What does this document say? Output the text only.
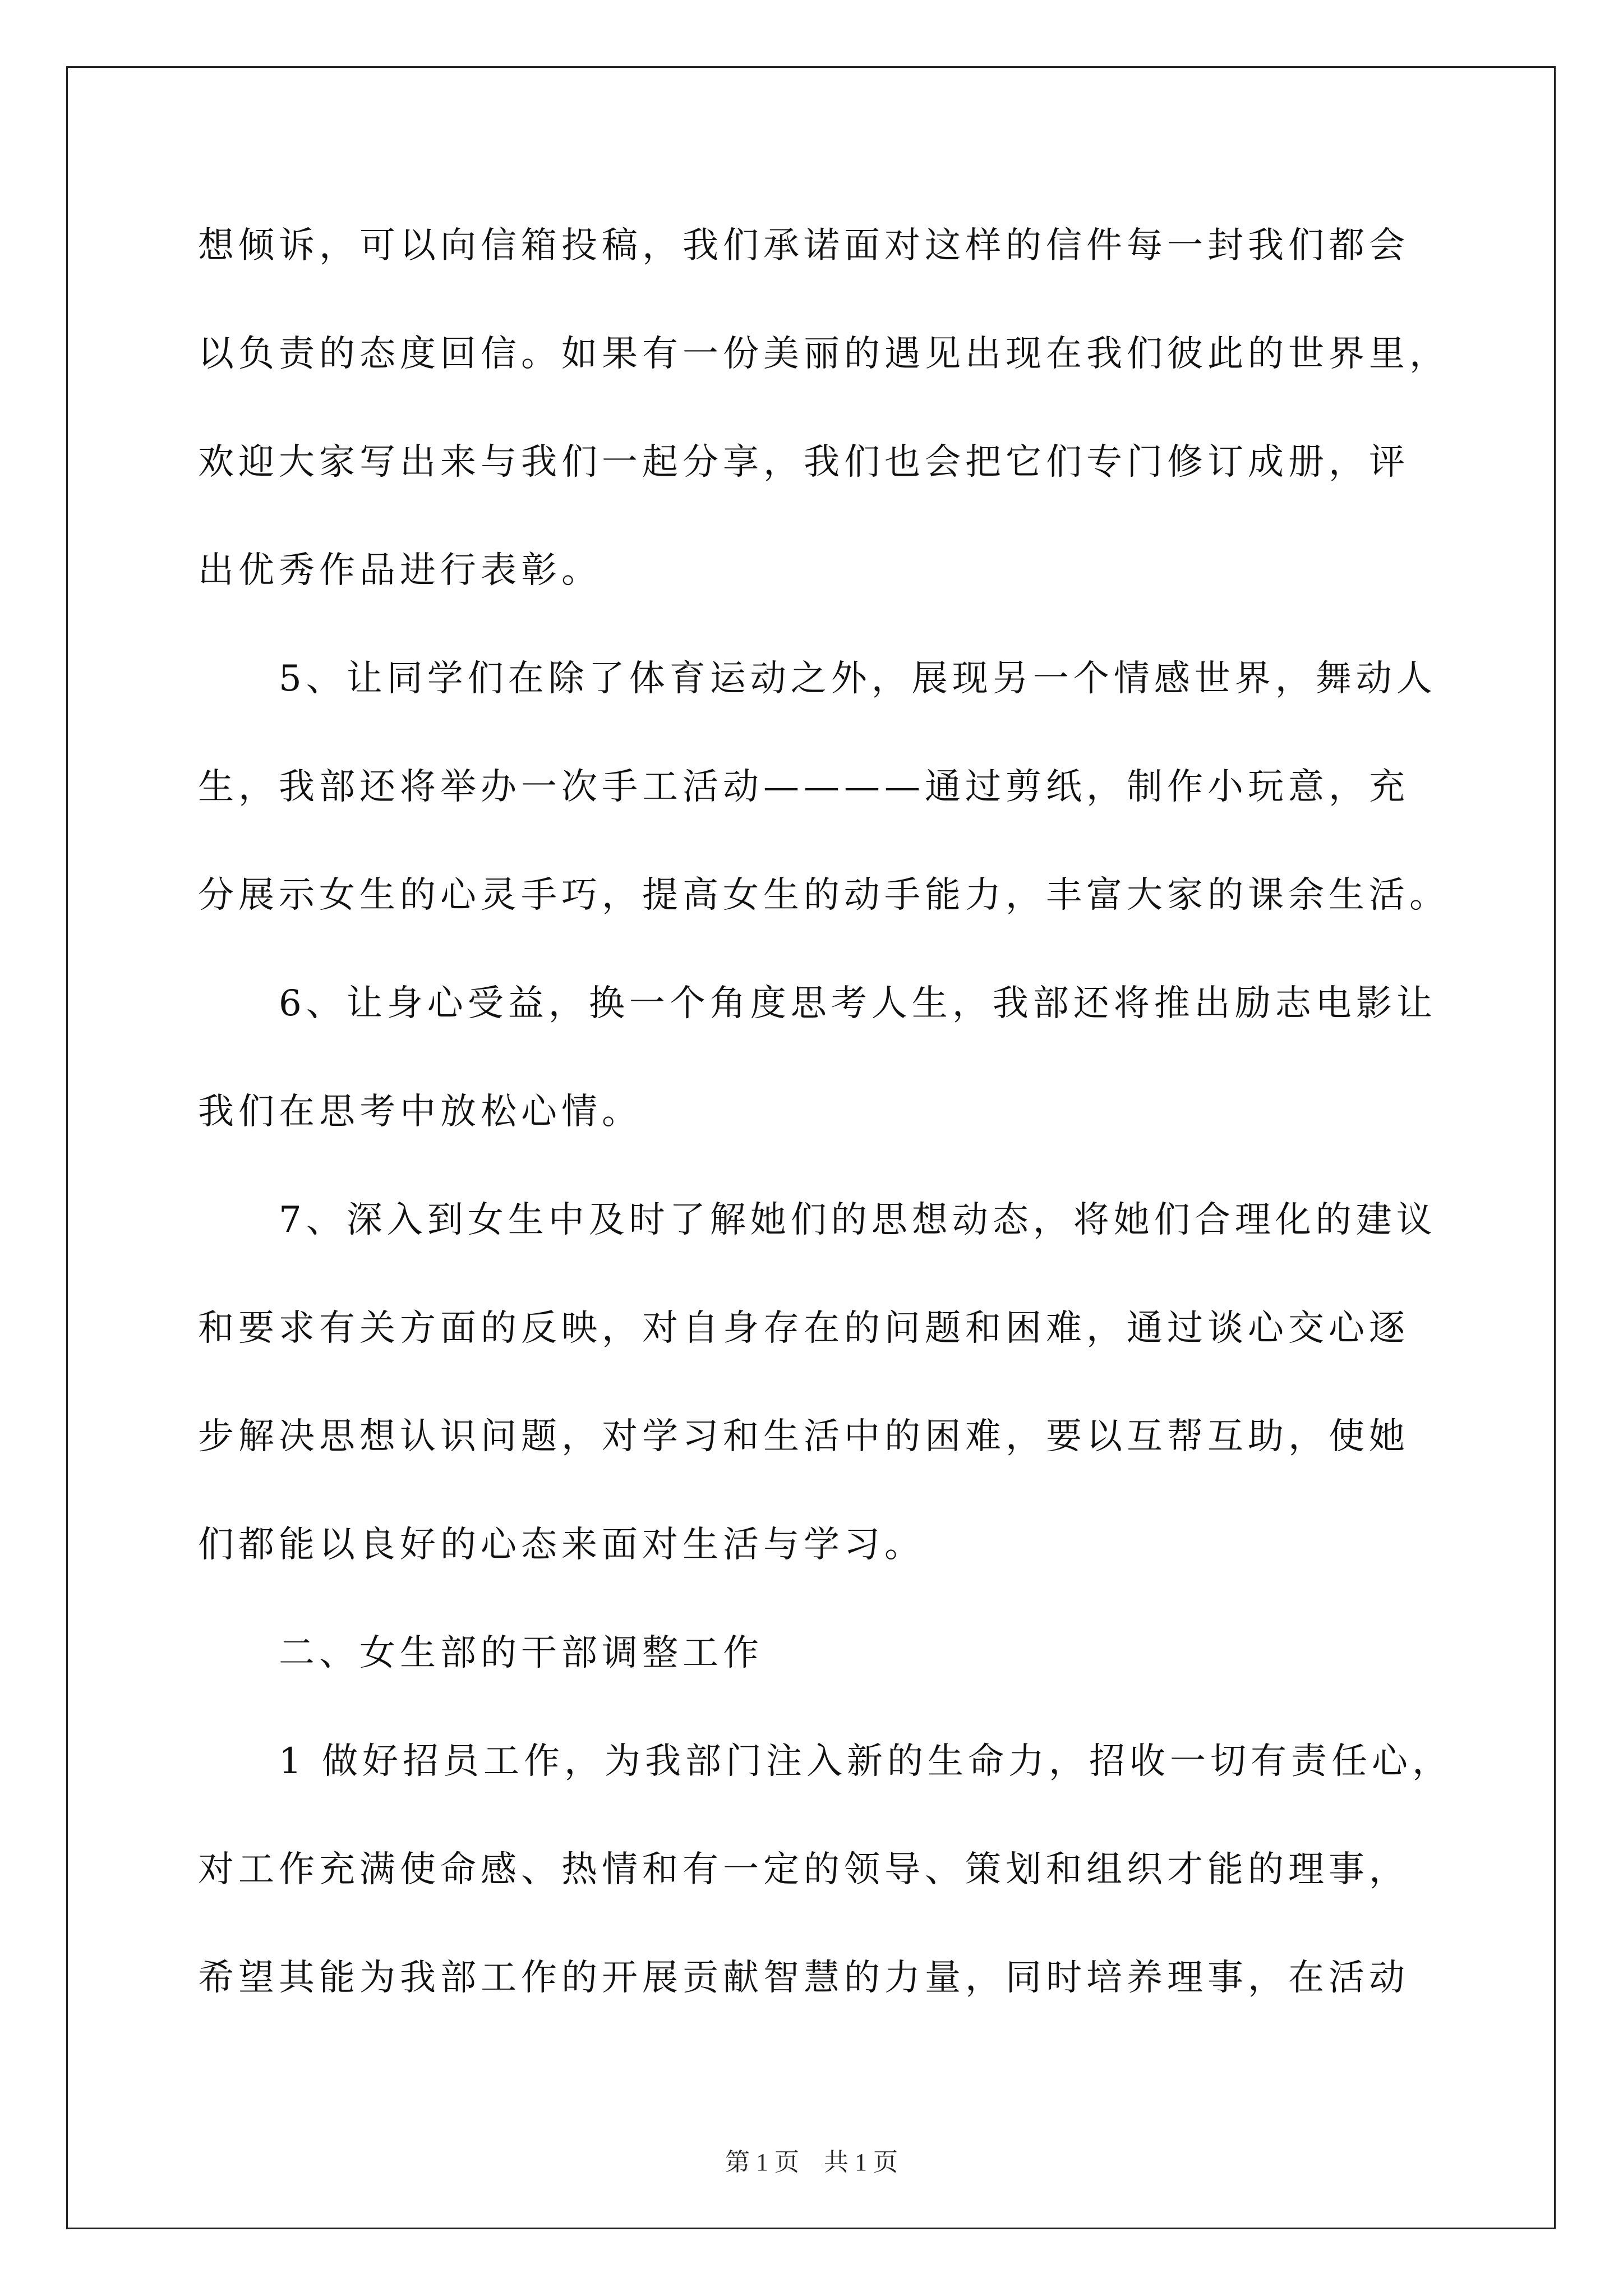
想倾诉，可以向信箱投稿，我们承诺面对这样的信件每一封我们都会
以负责的态度回信。如果有一份美丽的遇见出现在我们彼此的世界里，
欢迎大家写出来与我们一起分享，我们也会把它们专门修订成册，评
出优秀作品进行表彰。
5、让同学们在除了体育运动之外，展现另一个情感世界，舞动人
生，我部还将举办一次手工活动————通过剪纸，制作小玩意，充
分展示女生的心灵手巧，提高女生的动手能力，丰富大家的课余生活。
6、让身心受益，换一个角度思考人生，我部还将推出励志电影让
我们在思考中放松心情。
7、深入到女生中及时了解她们的思想动态，将她们合理化的建议
和要求有关方面的反映，对自身存在的问题和困难，通过谈心交心逐
步解决思想认识问题，对学习和生活中的困难，要以互帮互助，使她
们都能以良好的心态来面对生活与学习。
二、女生部的干部调整工作
1 做好招员工作，为我部门注入新的生命力，招收一切有责任心，
对工作充满使命感、热情和有一定的领导、策划和组织才能的理事，
希望其能为我部工作的开展贡献智慧的力量，同时培养理事，在活动
第 1 页 共 1 页
